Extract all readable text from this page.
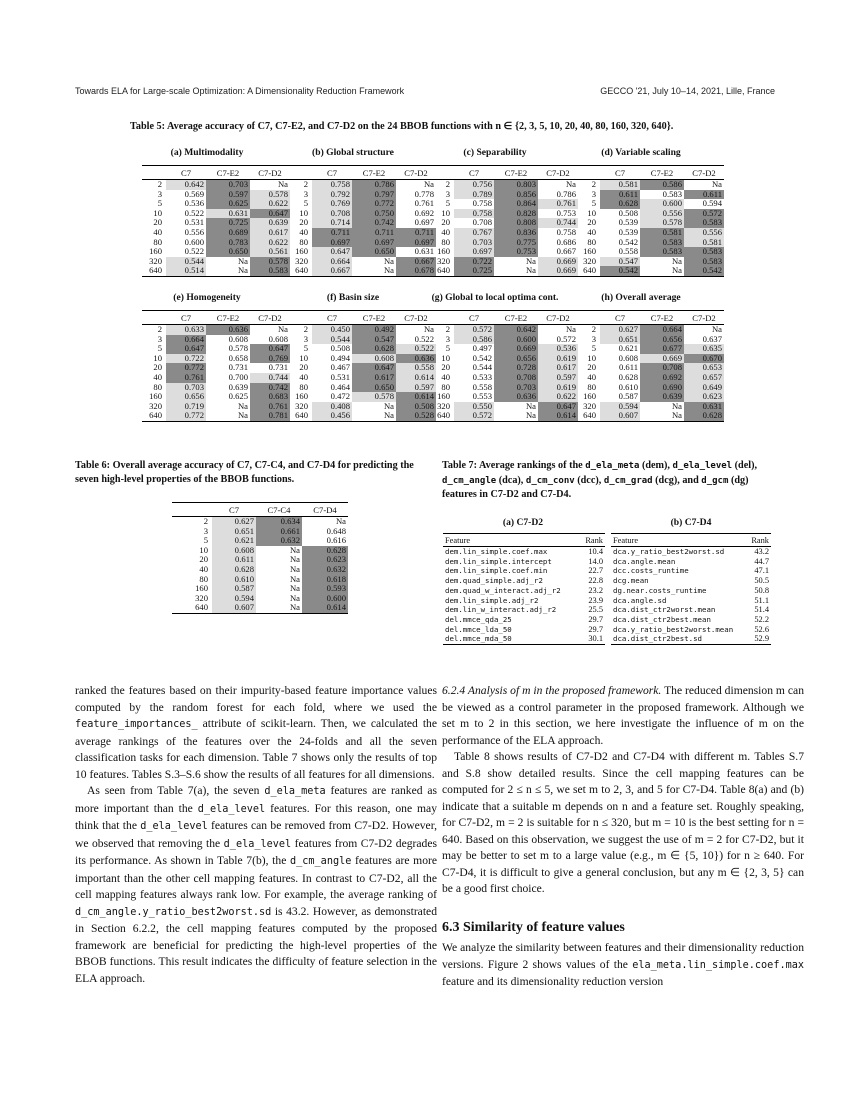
Towards ELA for Large-scale Optimization: A Dimensionality Reduction Framework	GECCO '21, July 10–14, 2021, Lille, France
Table 5: Average accuracy of C7, C7-E2, and C7-D2 on the 24 BBOB functions with n ∈ {2, 3, 5, 10, 20, 40, 80, 160, 320, 640}.
(a) Multimodality
	C7	C7-E2	C7-D2
2	0.642	0.703	Na
3	0.569	0.597	0.578
5	0.536	0.625	0.622
10	0.522	0.631	0.647
20	0.531	0.725	0.639
40	0.556	0.689	0.617
80	0.600	0.783	0.622
160	0.522	0.650	0.561
320	0.544	Na	0.578
640	0.514	Na	0.583
(b) Global structure
	C7	C7-E2	C7-D2
2	0.758	0.786	Na
3	0.792	0.797	0.778
5	0.769	0.772	0.761
10	0.708	0.750	0.692
20	0.714	0.742	0.697
40	0.711	0.711	0.711
80	0.697	0.697	0.697
160	0.647	0.650	0.631
320	0.664	Na	0.667
640	0.667	Na	0.678
(c) Separability
	C7	C7-E2	C7-D2
2	0.756	0.803	Na
3	0.789	0.856	0.786
5	0.758	0.864	0.761
10	0.758	0.828	0.753
20	0.708	0.808	0.744
40	0.767	0.836	0.758
80	0.703	0.775	0.686
160	0.697	0.753	0.667
320	0.722	Na	0.669
640	0.725	Na	0.669
(d) Variable scaling
	C7	C7-E2	C7-D2
2	0.581	0.586	Na
3	0.611	0.583	0.611
5	0.628	0.600	0.594
10	0.508	0.556	0.572
20	0.539	0.578	0.583
40	0.539	0.581	0.556
80	0.542	0.583	0.581
160	0.558	0.583	0.583
320	0.547	Na	0.583
640	0.542	Na	0.542
(e) Homogeneity
	C7	C7-E2	C7-D2
2	0.633	0.636	Na
3	0.664	0.608	0.608
5	0.647	0.578	0.647
10	0.722	0.658	0.769
20	0.772	0.731	0.731
40	0.761	0.700	0.744
80	0.703	0.639	0.742
160	0.656	0.625	0.683
320	0.719	Na	0.761
640	0.772	Na	0.781
(f) Basin size
	C7	C7-E2	C7-D2
2	0.450	0.492	Na
3	0.544	0.547	0.522
5	0.508	0.628	0.522
10	0.494	0.608	0.636
20	0.467	0.647	0.558
40	0.531	0.617	0.614
80	0.464	0.650	0.597
160	0.472	0.578	0.614
320	0.408	Na	0.508
640	0.456	Na	0.528
(g) Global to local optima cont.
	C7	C7-E2	C7-D2
2	0.572	0.642	Na
3	0.586	0.600	0.572
5	0.497	0.669	0.536
10	0.542	0.656	0.619
20	0.544	0.728	0.617
40	0.533	0.708	0.597
80	0.558	0.703	0.619
160	0.553	0.636	0.622
320	0.550	Na	0.647
640	0.572	Na	0.614
(h) Overall average
	C7	C7-E2	C7-D2
2	0.627	0.664	Na
3	0.651	0.656	0.637
5	0.621	0.677	0.635
10	0.608	0.669	0.670
20	0.611	0.708	0.653
40	0.628	0.692	0.657
80	0.610	0.690	0.649
160	0.587	0.639	0.623
320	0.594	Na	0.631
640	0.607	Na	0.628
Table 6: Overall average accuracy of C7, C7-C4, and C7-D4 for predicting the seven high-level properties of the BBOB functions.
	C7	C7-C4	C7-D4
2	0.627	0.634	Na
3	0.651	0.661	0.648
5	0.621	0.632	0.616
10	0.608	Na	0.628
20	0.611	Na	0.623
40	0.628	Na	0.632
80	0.610	Na	0.618
160	0.587	Na	0.593
320	0.594	Na	0.600
640	0.607	Na	0.614
Table 7: Average rankings of the d_ela_meta (dem), d_ela_level (del), d_cm_angle (dca), d_cm_conv (dcc), d_cm_grad (dcg), and d_gcm (dg) features in C7-D2 and C7-D4.
(a) C7-D2	(b) C7-D4
Feature	Rank
dem.lin_simple.coef.max	10.4
dem.lin_simple.intercept	14.0
dem.lin_simple.coef.min	22.7
dem.quad_simple.adj_r2	22.8
dem.quad_w_interact.adj_r2	23.2
dem.lin_simple.adj_r2	23.9
dem.lin_w_interact.adj_r2	25.5
del.mmce_qda_25	29.7
del.mmce_lda_50	29.7
del.mmce_mda_50	30.1
Feature	Rank
dca.y_ratio_best2worst.sd	43.2
dca.angle.mean	44.7
dcc.costs_runtime	47.1
dcg.mean	50.5
dg.near.costs_runtime	50.8
dca.angle.sd	51.1
dca.dist_ctr2worst.mean	51.4
dca.dist_ctr2best.mean	52.2
dca.y_ratio_best2worst.mean	52.6
dca.dist_ctr2best.sd	52.9

ranked the features based on their impurity-based feature importance values computed by the random forest for each fold, where we used the feature_importances_ attribute of scikit-learn. Then, we calculated the average rankings of the features over the 24-folds and all the seven classification tasks for each dimension. Table 7 shows only the results of top 10 features. Tables S.3–S.6 show the results of all features for all dimensions.

As seen from Table 7(a), the seven d_ela_meta features are ranked as more important than the d_ela_level features. For this reason, one may think that the d_ela_level features can be removed from C7-D2. However, we observed that removing the d_ela_level features from C7-D2 degrades its performance. As shown in Table 7(b), the d_cm_angle features are more important than the other cell mapping features. In contrast to C7-D2, all the cell mapping features always rank low. For example, the average ranking of d_cm_angle.y_ratio_best2worst.sd is 43.2. However, as demonstrated in Section 6.2.2, the cell mapping features computed by the proposed framework are beneficial for predicting the high-level properties of the BBOB functions. This result indicates the difficulty of feature selection in the ELA approach.

6.2.4 Analysis of m in the proposed framework. The reduced dimension m can be viewed as a control parameter in the proposed framework. Although we set m to 2 in this section, we here investigate the influence of m on the performance of the ELA approach.

Table 8 shows results of C7-D2 and C7-D4 with different m. Tables S.7 and S.8 show detailed results. Since the cell mapping features can be computed for 2 ≤ n ≤ 5, we set m to 2, 3, and 5 for C7-D4. Table 8(a) and (b) indicate that a suitable m depends on n and a feature set. Roughly speaking, for C7-D2, m = 2 is suitable for n ≤ 320, but m = 10 is the best setting for n = 640. Based on this observation, we suggest the use of m = 2 for C7-D2, but it may be better to set m to a large value (e.g., m ∈ {5, 10}) for n ≥ 640. For C7-D4, it is difficult to give a general conclusion, but any m ∈ {2, 3, 5} can be a good first choice.

6.3 Similarity of feature values

We analyze the similarity between features and their dimensionality reduction versions. Figure 2 shows values of the ela_meta.lin_simple.coef.max feature and its dimensionality reduction version
